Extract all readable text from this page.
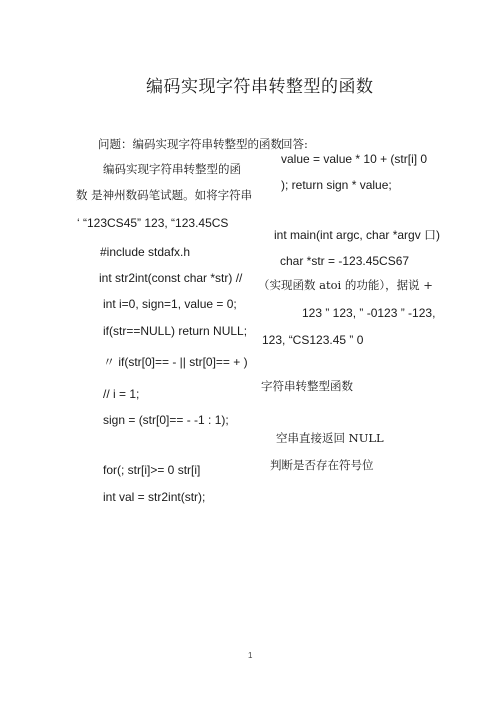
编码实现字符串转整型的函数
问题：编码实现字符串转整型的函数
编码实现字符串转整型的函
数 是神州数码笔试题。如将字符串
‘ “123CS45” 123, “123.45CS
#include stdafx.h
int str2int(const char *str) //
int i=0, sign=1, value = 0;
if(str==NULL) return NULL;
〃 if(str[0]== - || str[0]== + )
// i = 1;
sign = (str[0]== - -1 : 1);
for(; str[i]>= 0 str[i]
int val = str2int(str);
回答:
value = value * 10 + (str[i] 0
); return sign * value;
int main(int argc, char *argv 口)
char *str = -123.45CS67
（实现函数 atoi 的功能），据说 +
123 ” 123, ” -0123 ” -123,
123, “CS123.45 ” 0
字符串转整型函数
空串直接返回 NULL
判断是否存在符号位
1
